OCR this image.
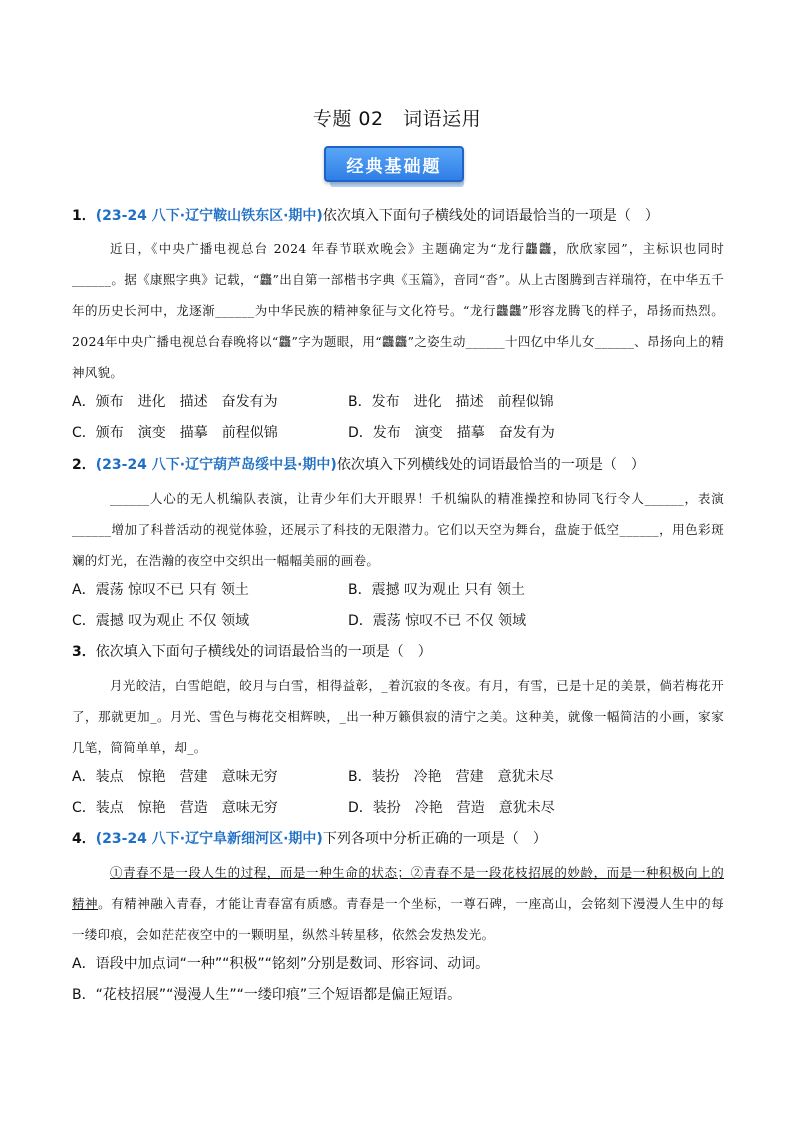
专题 02　词语运用
经典基础题
1．(23-24 八下·辽宁鞍山铁东区·期中)依次填入下面句子横线处的词语最恰当的一项是（　）
近日，《中央广播电视总台 2024 年春节联欢晚会》主题确定为“龙行龘龘，欣欣家园”，主标识也同时______。据《康熙字典》记载，“龘”出自第一部楷书字典《玉篇》，音同“沓”。从上古图腾到吉祥瑞符，在中华五千年的历史长河中，龙逐渐______为中华民族的精神象征与文化符号。“龙行龘龘”形容龙腾飞的样子，昂扬而热烈。2024年中央广播电视总台春晚将以“龘”字为题眼，用“龘龘”之姿生动______十四亿中华儿女______、昂扬向上的精神风貌。
A．颁布　进化　描述　奋发有为	B．发布　进化　描述　前程似锦
C．颁布　演变　描摹　前程似锦	D．发布　演变　描摹　奋发有为
2．(23-24 八下·辽宁葫芦岛绥中县·期中)依次填入下列横线处的词语最恰当的一项是（　）
______人心的无人机编队表演，让青少年们大开眼界！千机编队的精准操控和协同飞行令人______，表演______增加了科普活动的视觉体验，还展示了科技的无限潜力。它们以天空为舞台，盘旋于低空______，用色彩斑斓的灯光，在浩瀚的夜空中交织出一幅幅美丽的画卷。
A．震荡 惊叹不已 只有 领土	B．震撼 叹为观止 只有 领土
C．震撼 叹为观止 不仅 领域	D．震荡 惊叹不已 不仅 领域
3．依次填入下面句子横线处的词语最恰当的一项是（　）
月光皎洁，白雪皑皑，皎月与白雪，相得益彰，_着沉寂的冬夜。有月，有雪，已是十足的美景，倘若梅花开了，那就更加_。月光、雪色与梅花交相辉映，_出一种万籁俱寂的清宁之美。这种美，就像一幅简洁的小画，家家几笔，简简单单，却_。
A．装点　惊艳　营建　意味无穷	B．装扮　冷艳　营建　意犹未尽
C．装点　惊艳　营造　意味无穷	D．装扮　冷艳　营造　意犹未尽
4．(23-24 八下·辽宁阜新细河区·期中)下列各项中分析正确的一项是（　）
①青春不是一段人生的过程，而是一种生命的状态；②青春不是一段花枝招展的妙龄，而是一种积极向上的精神。有精神融入青春，才能让青春富有质感。青春是一个坐标，一尊石碑，一座高山，会铭刻下漫漫人生中的每一缕印痕，会如茫茫夜空中的一颗明星，纵然斗转星移，依然会发热发光。
A．语段中加点词“一种”“积极”“铭刻”分别是数词、形容词、动词。
B．“花枝招展”“漫漫人生”“一缕印痕”三个短语都是偏正短语。
